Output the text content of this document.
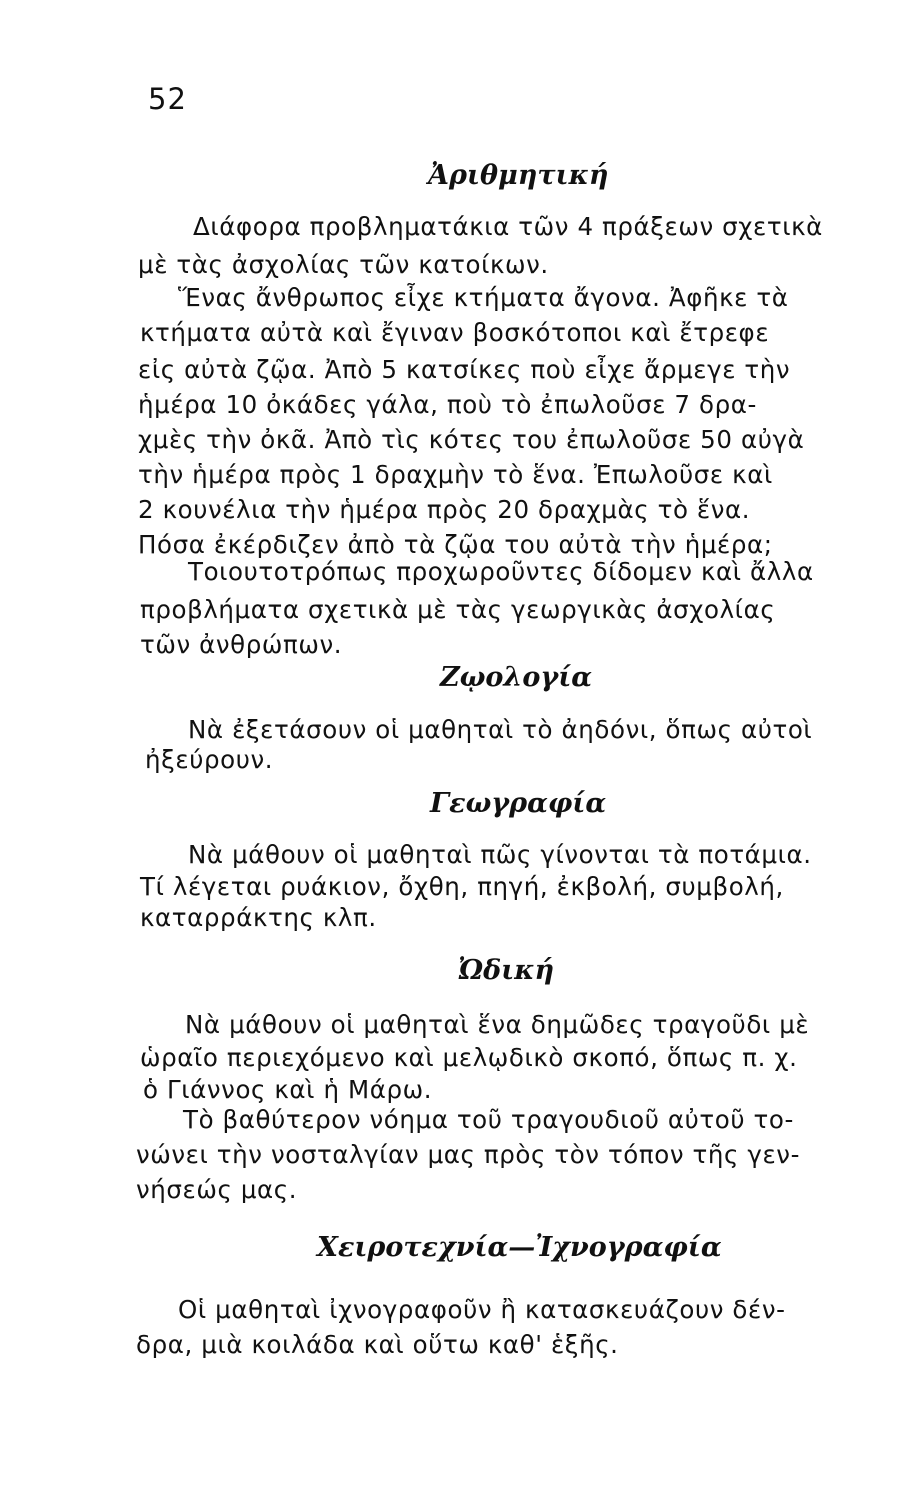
52
Ἀριθμητική
Διάφορα προβληματάκια τῶν 4 πράξεων σχετικὰ
μὲ τὰς ἀσχολίας τῶν κατοίκων.
Ἕνας ἄνθρωπος εἶχε κτήματα ἄγονα. Ἀφῆκε τὰ
κτήματα αὐτὰ καὶ ἔγιναν βοσκότοποι καὶ ἔτρεφε
εἰς αὐτὰ ζῷα. Ἀπὸ 5 κατσίκες ποὺ εἶχε ἄρμεγε τὴν
ἡμέρα 10 ὀκάδες γάλα, ποὺ τὸ ἐπωλοῦσε 7 δρα-
χμὲς τὴν ὀκᾶ. Ἀπὸ τὶς κότες του ἐπωλοῦσε 50 αὐγὰ
τὴν ἡμέρα πρὸς 1 δραχμὴν τὸ ἕνα. Ἐπωλοῦσε καὶ
2 κουνέλια τὴν ἡμέρα πρὸς 20 δραχμὰς τὸ ἕνα.
Πόσα ἐκέρδιζεν ἀπὸ τὰ ζῷα του αὐτὰ τὴν ἡμέρα;
Τοιουτοτρόπως προχωροῦντες δίδομεν καὶ ἄλλα
προβλήματα σχετικὰ μὲ τὰς γεωργικὰς ἀσχολίας
τῶν ἀνθρώπων.
Ζῳολογία
Νὰ ἐξετάσουν οἱ μαθηταὶ τὸ ἀηδόνι, ὅπως αὐτοὶ
ἠξεύρουν.
Γεωγραφία
Νὰ μάθουν οἱ μαθηταὶ πῶς γίνονται τὰ ποτάμια.
Τί λέγεται ρυάκιον, ὄχθη, πηγή, ἐκβολή, συμβολή,
καταρράκτης κλπ.
Ὠδική
Νὰ μάθουν οἱ μαθηταὶ ἕνα δημῶδες τραγοῦδι μὲ
ὡραῖο περιεχόμενο καὶ μελῳδικὸ σκοπό, ὅπως π. χ.
ὁ Γιάννος καὶ ἡ Μάρω.
Τὸ βαθύτερον νόημα τοῦ τραγουδιοῦ αὐτοῦ το-
νώνει τὴν νοσταλγίαν μας πρὸς τὸν τόπον τῆς γεν-
νήσεώς μας.
Χειροτεχνία—Ἰχνογραφία
Οἱ μαθηταὶ ἰχνογραφοῦν ἢ κατασκευάζουν δέν-
δρα, μιὰ κοιλάδα καὶ οὕτω καθ' ἑξῆς.
